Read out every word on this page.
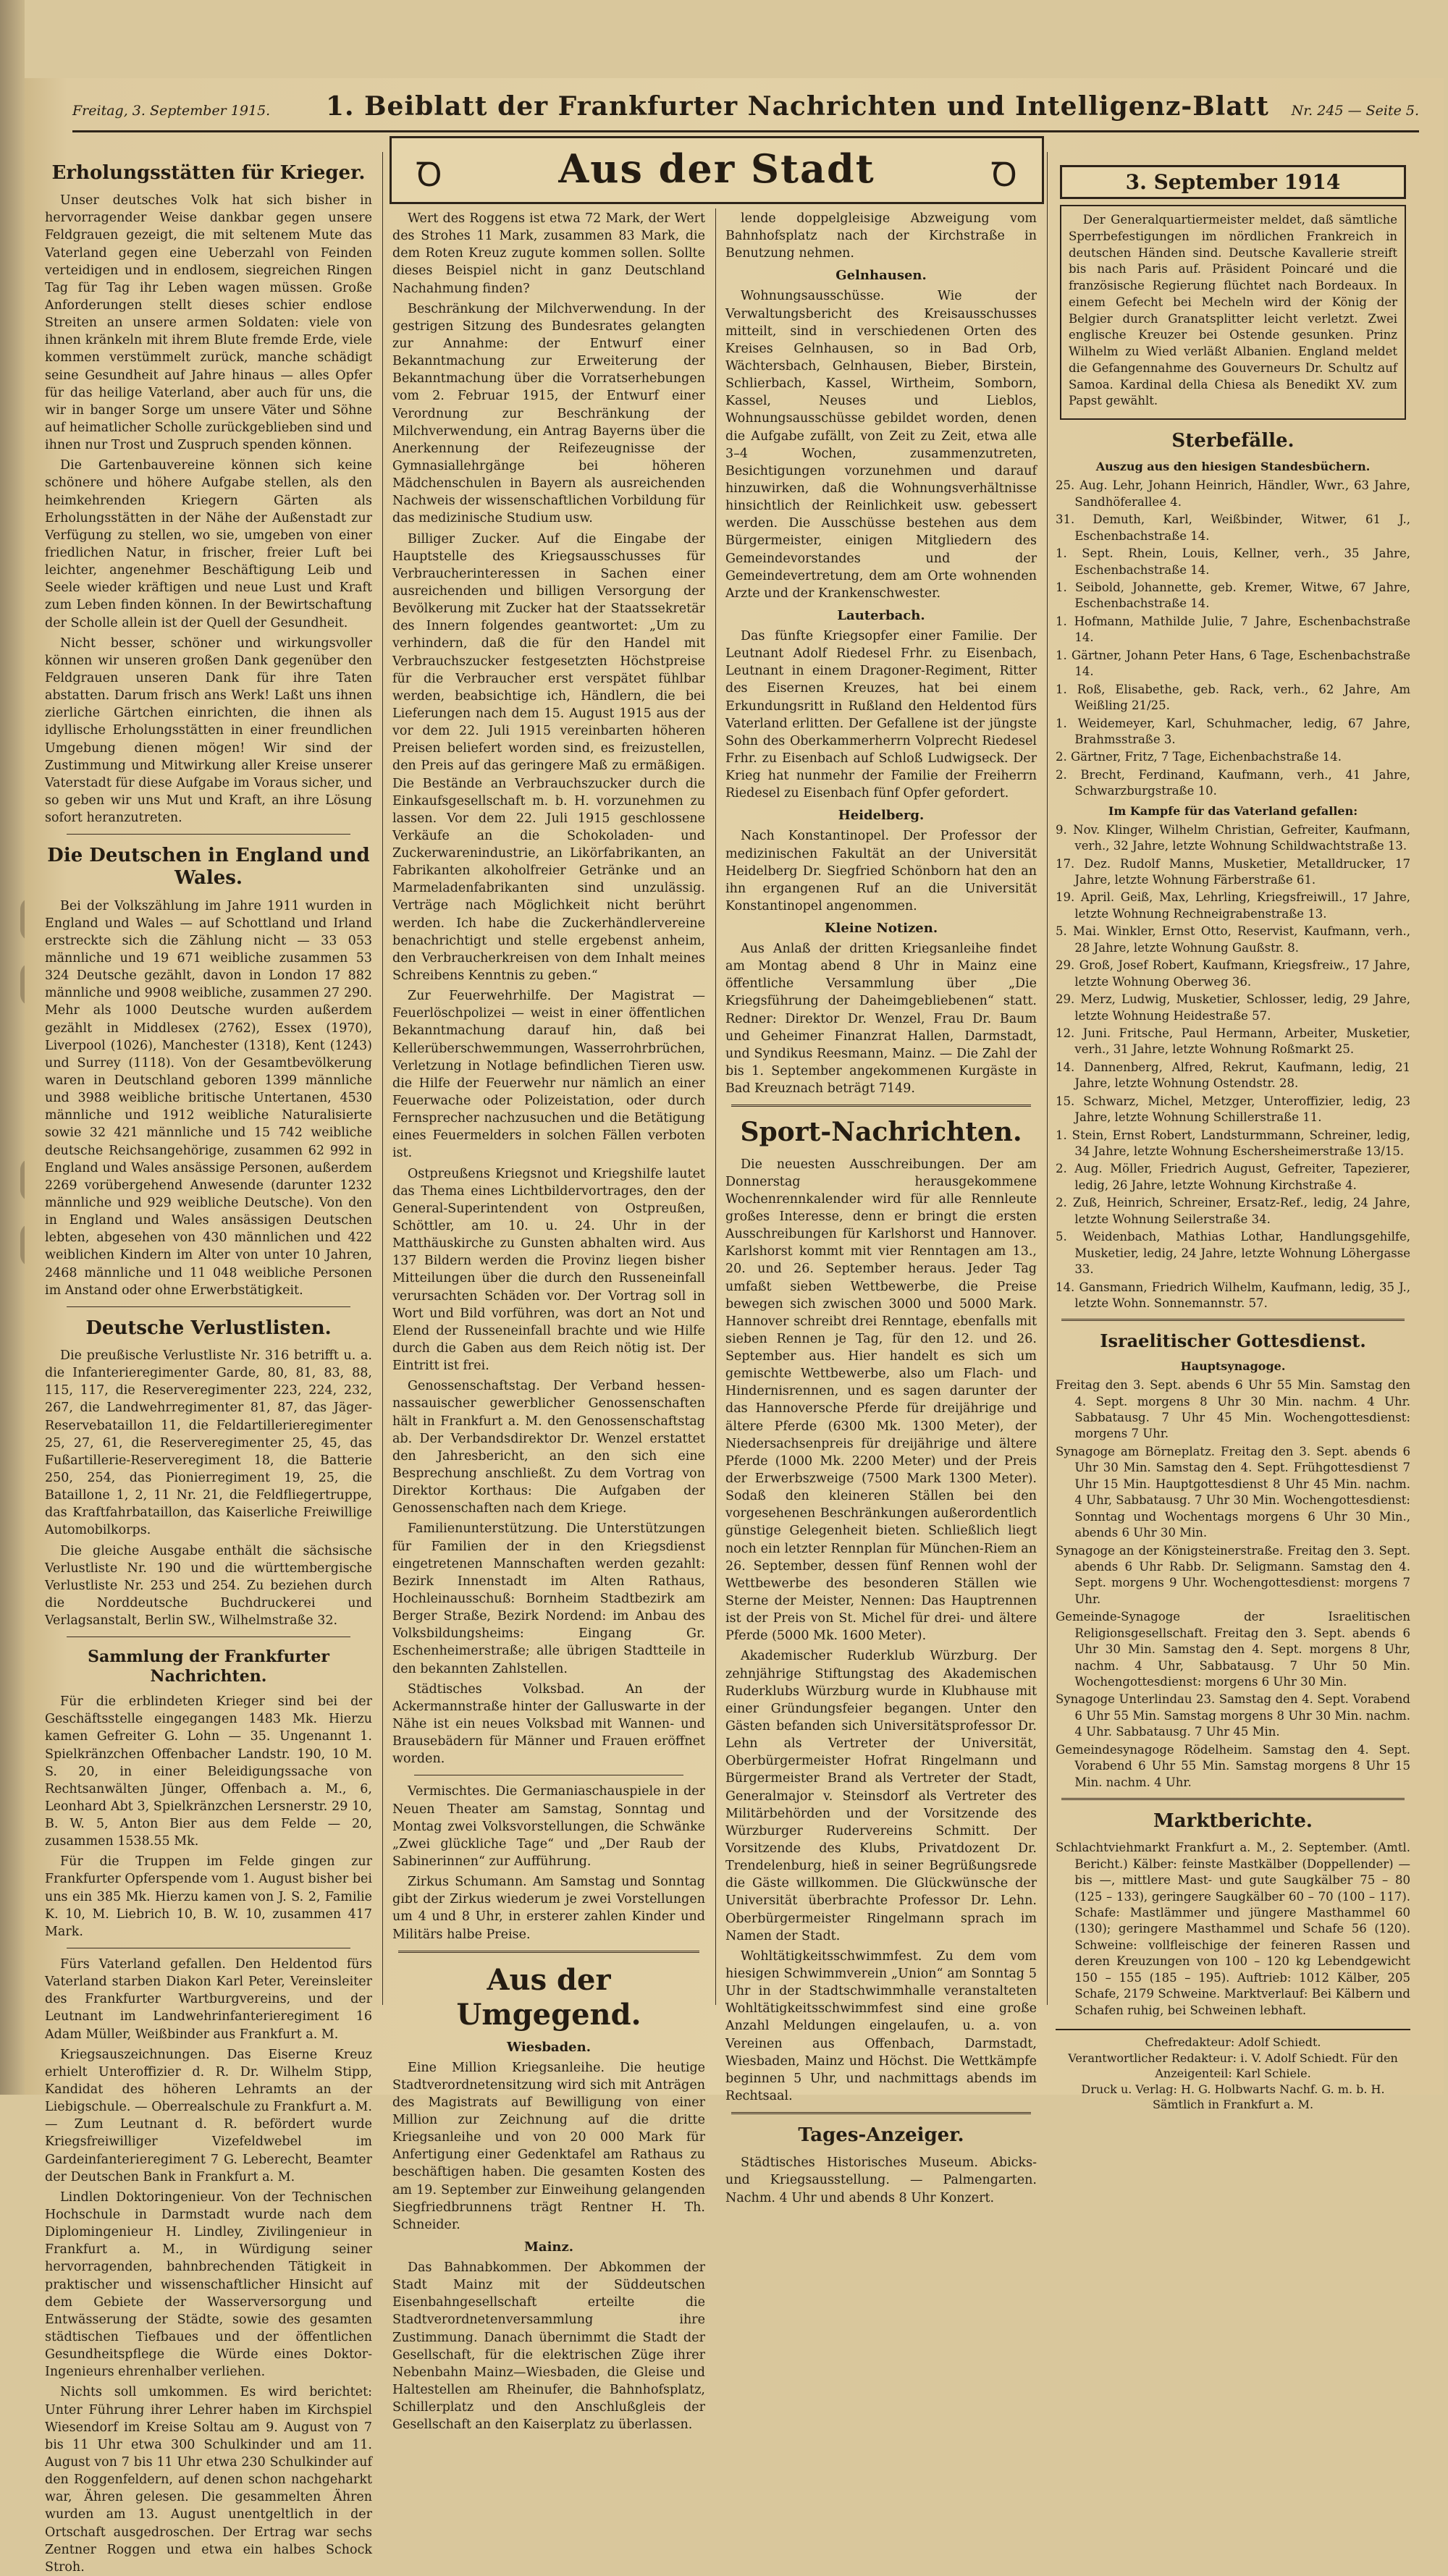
Freitag, 3. September 1915. 1. Beiblatt der Frankfurter Nachrichten und Intelligenz-Blatt Nr. 245 — Seite 5.
Ꝺ	Aus der Stadt	Ꝺ
Erholungsstätten für Krieger.

Unser deutsches Volk hat sich bisher in hervorragender Weise dankbar gegen unsere Feldgrauen gezeigt, die mit seltenem Mute das Vaterland gegen eine Ueberzahl von Feinden verteidigen und in endlosem, siegreichen Ringen Tag für Tag ihr Leben wagen müssen. Große Anforderungen stellt dieses schier endlose Streiten an unsere armen Soldaten: viele von ihnen kränkeln mit ihrem Blute fremde Erde, viele kommen verstümmelt zurück, manche schädigt seine Gesundheit auf Jahre hinaus — alles Opfer für das heilige Vaterland, aber auch für uns, die wir in banger Sorge um unsere Väter und Söhne auf heimatlicher Scholle zurückgeblieben sind und ihnen nur Trost und Zuspruch spenden können.

Die Gartenbauvereine können sich keine schönere und höhere Aufgabe stellen, als den heimkehrenden Kriegern Gärten als Erholungsstätten in der Nähe der Außenstadt zur Verfügung zu stellen, wo sie, umgeben von einer friedlichen Natur, in frischer, freier Luft bei leichter, angenehmer Beschäftigung Leib und Seele wieder kräftigen und neue Lust und Kraft zum Leben finden können. In der Bewirtschaftung der Scholle allein ist der Quell der Gesundheit.

Nicht besser, schöner und wirkungsvoller können wir unseren großen Dank gegenüber den Feldgrauen unseren Dank für ihre Taten abstatten. Darum frisch ans Werk! Laßt uns ihnen zierliche Gärtchen einrichten, die ihnen als idyllische Erholungsstätten in einer freundlichen Umgebung dienen mögen! Wir sind der Zustimmung und Mitwirkung aller Kreise unserer Vaterstadt für diese Aufgabe im Voraus sicher, und so geben wir uns Mut und Kraft, an ihre Lösung sofort heranzutreten.

Die Deutschen in England und Wales.

Bei der Volkszählung im Jahre 1911 wurden in England und Wales — auf Schottland und Irland erstreckte sich die Zählung nicht — 33 053 männliche und 19 671 weibliche zusammen 53 324 Deutsche gezählt, davon in London 17 882 männliche und 9908 weibliche, zusammen 27 290. Mehr als 1000 Deutsche wurden außerdem gezählt in Middlesex (2762), Essex (1970), Liverpool (1026), Manchester (1318), Kent (1243) und Surrey (1118). Von der Gesamtbevölkerung waren in Deutschland geboren 1399 männliche und 3988 weibliche britische Untertanen, 4530 männliche und 1912 weibliche Naturalisierte sowie 32 421 männliche und 15 742 weibliche deutsche Reichsangehörige, zusammen 62 992 in England und Wales ansässige Personen, außerdem 2269 vorübergehend Anwesende (darunter 1232 männliche und 929 weibliche Deutsche). Von den in England und Wales ansässigen Deutschen lebten, abgesehen von 430 männlichen und 422 weiblichen Kindern im Alter von unter 10 Jahren, 2468 männliche und 11 048 weibliche Personen im Anstand oder ohne Erwerbstätigkeit.

Deutsche Verlustlisten.

Die preußische Verlustliste Nr. 316 betrifft u. a. die Infanterieregimenter Garde, 80, 81, 83, 88, 115, 117, die Reserveregimenter 223, 224, 232, 267, die Landwehrregimenter 81, 87, das Jäger-Reservebataillon 11, die Feldartillerieregimenter 25, 27, 61, die Reserveregimenter 25, 45, das Fußartillerie-Reserveregiment 18, die Batterie 250, 254, das Pionierregiment 19, 25, die Bataillone 1, 2, 11 Nr. 21, die Feldfliegertruppe, das Kraftfahrbataillon, das Kaiserliche Freiwillige Automobilkorps.

Die gleiche Ausgabe enthält die sächsische Verlustliste Nr. 190 und die württembergische Verlustliste Nr. 253 und 254. Zu beziehen durch die Norddeutsche Buchdruckerei und Verlagsanstalt, Berlin SW., Wilhelmstraße 32.

Sammlung der Frankfurter Nachrichten.

Für die erblindeten Krieger sind bei der Geschäftsstelle eingegangen 1483 Mk. Hierzu kamen Gefreiter G. Lohn — 35. Ungenannt 1. Spielkränzchen Offenbacher Landstr. 190, 10 M. S. 20, in einer Beleidigungssache von Rechtsanwälten Jünger, Offenbach a. M., 6, Leonhard Abt 3, Spielkränzchen Lersnerstr. 29 10, B. W. 5, Anton Bier aus dem Felde — 20, zusammen 1538.55 Mk.

Für die Truppen im Felde gingen zur Frankfurter Opferspende vom 1. August bisher bei uns ein 385 Mk. Hierzu kamen von J. S. 2, Familie K. 10, M. Liebrich 10, B. W. 10, zusammen 417 Mark.

Fürs Vaterland gefallen. Den Heldentod fürs Vaterland starben Diakon Karl Peter, Vereinsleiter des Frankfurter Wartburgvereins, und der Leutnant im Landwehrinfanterieregiment 16 Adam Müller, Weißbinder aus Frankfurt a. M.

Kriegsauszeichnungen. Das Eiserne Kreuz erhielt Unteroffizier d. R. Dr. Wilhelm Stipp, Kandidat des höheren Lehramts an der Liebigschule. — Oberrealschule zu Frankfurt a. M. — Zum Leutnant d. R. befördert wurde Kriegsfreiwilliger Vizefeldwebel im Gardeinfanterieregiment 7 G. Leberecht, Beamter der Deutschen Bank in Frankfurt a. M.

Lindlen Doktoringenieur. Von der Technischen Hochschule in Darmstadt wurde nach dem Diplomingenieur H. Lindley, Zivilingenieur in Frankfurt a. M., in Würdigung seiner hervorragenden, bahnbrechenden Tätigkeit in praktischer und wissenschaftlicher Hinsicht auf dem Gebiete der Wasserversorgung und Entwässerung der Städte, sowie des gesamten städtischen Tiefbaues und der öffentlichen Gesundheitspflege die Würde eines Doktor-Ingenieurs ehrenhalber verliehen.

Nichts soll umkommen. Es wird berichtet: Unter Führung ihrer Lehrer haben im Kirchspiel Wiesendorf im Kreise Soltau am 9. August von 7 bis 11 Uhr etwa 300 Schulkinder und am 11. August von 7 bis 11 Uhr etwa 230 Schulkinder auf den Roggenfeldern, auf denen schon nachgeharkt war, Ähren gelesen. Die gesammelten Ähren wurden am 13. August unentgeltlich in der Ortschaft ausgedroschen. Der Ertrag war sechs Zentner Roggen und etwa ein halbes Schock Stroh.

Wert des Roggens ist etwa 72 Mark, der Wert des Strohes 11 Mark, zusammen 83 Mark, die dem Roten Kreuz zugute kommen sollen. Sollte dieses Beispiel nicht in ganz Deutschland Nachahmung finden?

Beschränkung der Milchverwendung. In der gestrigen Sitzung des Bundesrates gelangten zur Annahme: der Entwurf einer Bekanntmachung zur Erweiterung der Bekanntmachung über die Vorratserhebungen vom 2. Februar 1915, der Entwurf einer Verordnung zur Beschränkung der Milchverwendung, ein Antrag Bayerns über die Anerkennung der Reifezeugnisse der Gymnasiallehrgänge bei höheren Mädchenschulen in Bayern als ausreichenden Nachweis der wissenschaftlichen Vorbildung für das medizinische Studium usw.

Billiger Zucker. Auf die Eingabe der Hauptstelle des Kriegsausschusses für Verbraucherinteressen in Sachen einer ausreichenden und billigen Versorgung der Bevölkerung mit Zucker hat der Staatssekretär des Innern folgendes geantwortet: „Um zu verhindern, daß die für den Handel mit Verbrauchszucker festgesetzten Höchstpreise für die Verbraucher erst verspätet fühlbar werden, beabsichtige ich, Händlern, die bei Lieferungen nach dem 15. August 1915 aus der vor dem 22. Juli 1915 vereinbarten höheren Preisen beliefert worden sind, es freizustellen, den Preis auf das geringere Maß zu ermäßigen. Die Bestände an Verbrauchszucker durch die Einkaufsgesellschaft m. b. H. vorzunehmen zu lassen. Vor dem 22. Juli 1915 geschlossene Verkäufe an die Schokoladen- und Zuckerwarenindustrie, an Likörfabrikanten, an Fabrikanten alkoholfreier Getränke und an Marmeladenfabrikanten sind unzulässig. Verträge nach Möglichkeit nicht berührt werden. Ich habe die Zuckerhändlervereine benachrichtigt und stelle ergebenst anheim, den Verbraucherkreisen von dem Inhalt meines Schreibens Kenntnis zu geben.“

Zur Feuerwehrhilfe. Der Magistrat — Feuerlöschpolizei — weist in einer öffentlichen Bekanntmachung darauf hin, daß bei Kellerüberschwemmungen, Wasserrohrbrüchen, Verletzung in Notlage befindlichen Tieren usw. die Hilfe der Feuerwehr nur nämlich an einer Feuerwache oder Polizeistation, oder durch Fernsprecher nachzusuchen und die Betätigung eines Feuermelders in solchen Fällen verboten ist.

Ostpreußens Kriegsnot und Kriegshilfe lautet das Thema eines Lichtbildervortrages, den der General-Superintendent von Ostpreußen, Schöttler, am 10. u. 24. Uhr in der Matthäuskirche zu Gunsten abhalten wird. Aus 137 Bildern werden die Provinz liegen bisher Mitteilungen über die durch den Russeneinfall verursachten Schäden vor. Der Vortrag soll in Wort und Bild vorführen, was dort an Not und Elend der Russeneinfall brachte und wie Hilfe durch die Gaben aus dem Reich nötig ist. Der Eintritt ist frei.

Genossenschaftstag. Der Verband hessen-nassauischer gewerblicher Genossenschaften hält in Frankfurt a. M. den Genossenschaftstag ab. Der Verbandsdirektor Dr. Wenzel erstattet den Jahresbericht, an den sich eine Besprechung anschließt. Zu dem Vortrag von Direktor Korthaus: Die Aufgaben der Genossenschaften nach dem Kriege.

Familienunterstützung. Die Unterstützungen für Familien der in den Kriegsdienst eingetretenen Mannschaften werden gezahlt: Bezirk Innenstadt im Alten Rathaus, Hochleinausschuß: Bornheim Stadtbezirk am Berger Straße, Bezirk Nordend: im Anbau des Volksbildungsheims: Eingang Gr. Eschenheimerstraße; alle übrigen Stadtteile in den bekannten Zahlstellen.

Städtisches Volksbad. An der Ackermannstraße hinter der Galluswarte in der Nähe ist ein neues Volksbad mit Wannen- und Brausebädern für Männer und Frauen eröffnet worden.

Vermischtes. Die Germaniaschauspiele in der Neuen Theater am Samstag, Sonntag und Montag zwei Volksvorstellungen, die Schwänke „Zwei glückliche Tage“ und „Der Raub der Sabinerinnen“ zur Aufführung.

Zirkus Schumann. Am Samstag und Sonntag gibt der Zirkus wiederum je zwei Vorstellungen um 4 und 8 Uhr, in ersterer zahlen Kinder und Militärs halbe Preise.

Aus der Umgegend.
Wiesbaden.

Eine Million Kriegsanleihe. Die heutige Stadtverordnetensitzung wird sich mit Anträgen des Magistrats auf Bewilligung von einer Million zur Zeichnung auf die dritte Kriegsanleihe und von 20 000 Mark für Anfertigung einer Gedenktafel am Rathaus zu beschäftigen haben. Die gesamten Kosten des am 19. September zur Einweihung gelangenden Siegfriedbrunnens trägt Rentner H. Th. Schneider.

Mainz.

Das Bahnabkommen. Der Abkommen der Stadt Mainz mit der Süddeutschen Eisenbahngesellschaft erteilte die Stadtverordnetenversammlung ihre Zustimmung. Danach übernimmt die Stadt der Gesellschaft, für die elektrischen Züge ihrer Nebenbahn Mainz—Wiesbaden, die Gleise und Haltestellen am Rheinufer, die Bahnhofsplatz, Schillerplatz und den Anschlußgleis der Gesellschaft an den Kaiserplatz zu überlassen.

lende doppelgleisige Abzweigung vom Bahnhofsplatz nach der Kirchstraße in Benutzung nehmen.

Gelnhausen.

Wohnungsausschüsse. Wie der Verwaltungsbericht des Kreisausschusses mitteilt, sind in verschiedenen Orten des Kreises Gelnhausen, so in Bad Orb, Wächtersbach, Gelnhausen, Bieber, Birstein, Schlierbach, Kassel, Wirtheim, Somborn, Kassel, Neuses und Lieblos, Wohnungsausschüsse gebildet worden, denen die Aufgabe zufällt, von Zeit zu Zeit, etwa alle 3–4 Wochen, zusammenzutreten, Besichtigungen vorzunehmen und darauf hinzuwirken, daß die Wohnungsverhältnisse hinsichtlich der Reinlichkeit usw. gebessert werden. Die Ausschüsse bestehen aus dem Bürgermeister, einigen Mitgliedern des Gemeindevorstandes und der Gemeindevertretung, dem am Orte wohnenden Arzte und der Krankenschwester.

Lauterbach.

Das fünfte Kriegsopfer einer Familie. Der Leutnant Adolf Riedesel Frhr. zu Eisenbach, Leutnant in einem Dragoner-Regiment, Ritter des Eisernen Kreuzes, hat bei einem Erkundungsritt in Rußland den Heldentod fürs Vaterland erlitten. Der Gefallene ist der jüngste Sohn des Oberkammerherrn Volprecht Riedesel Frhr. zu Eisenbach auf Schloß Ludwigseck. Der Krieg hat nunmehr der Familie der Freiherrn Riedesel zu Eisenbach fünf Opfer gefordert.

Heidelberg.

Nach Konstantinopel. Der Professor der medizinischen Fakultät an der Universität Heidelberg Dr. Siegfried Schönborn hat den an ihn ergangenen Ruf an die Universität Konstantinopel angenommen.

Kleine Notizen.

Aus Anlaß der dritten Kriegsanleihe findet am Montag abend 8 Uhr in Mainz eine öffentliche Versammlung über „Die Kriegsführung der Daheimgebliebenen“ statt. Redner: Direktor Dr. Wenzel, Frau Dr. Baum und Geheimer Finanzrat Hallen, Darmstadt, und Syndikus Reesmann, Mainz. — Die Zahl der bis 1. September angekommenen Kurgäste in Bad Kreuznach beträgt 7149.

Sport-Nachrichten.

Die neuesten Ausschreibungen. Der am Donnerstag herausgekommene Wochenrennkalender wird für alle Rennleute großes Interesse, denn er bringt die ersten Ausschreibungen für Karlshorst und Hannover. Karlshorst kommt mit vier Renntagen am 13., 20. und 26. September heraus. Jeder Tag umfaßt sieben Wettbewerbe, die Preise bewegen sich zwischen 3000 und 5000 Mark. Hannover schreibt drei Renntage, ebenfalls mit sieben Rennen je Tag, für den 12. und 26. September aus. Hier handelt es sich um gemischte Wettbewerbe, also um Flach- und Hindernisrennen, und es sagen darunter der das Hannoversche Pferde für dreijährige und ältere Pferde (6300 Mk. 1300 Meter), der Niedersachsenpreis für dreijährige und ältere Pferde (1000 Mk. 2200 Meter) und der Preis der Erwerbszweige (7500 Mark 1300 Meter). Sodaß den kleineren Ställen bei den vorgesehenen Beschränkungen außerordentlich günstige Gelegenheit bieten. Schließlich liegt noch ein letzter Rennplan für München-Riem an 26. September, dessen fünf Rennen wohl der Wettbewerbe des besonderen Ställen wie Sterne der Meister, Nennen: Das Hauptrennen ist der Preis von St. Michel für drei- und ältere Pferde (5000 Mk. 1600 Meter).

Akademischer Ruderklub Würzburg. Der zehnjährige Stiftungstag des Akademischen Ruderklubs Würzburg wurde in Klubhause mit einer Gründungsfeier begangen. Unter den Gästen befanden sich Universitätsprofessor Dr. Lehn als Vertreter der Universität, Oberbürgermeister Hofrat Ringelmann und Bürgermeister Brand als Vertreter der Stadt, Generalmajor v. Steinsdorf als Vertreter des Militärbehörden und der Vorsitzende des Würzburger Rudervereins Schmitt. Der Vorsitzende des Klubs, Privatdozent Dr. Trendelenburg, hieß in seiner Begrüßungsrede die Gäste willkommen. Die Glückwünsche der Universität überbrachte Professor Dr. Lehn. Oberbürgermeister Ringelmann sprach im Namen der Stadt.

Wohltätigkeitsschwimmfest. Zu dem vom hiesigen Schwimmverein „Union“ am Sonntag 5 Uhr in der Stadtschwimmhalle veranstalteten Wohltätigkeitsschwimmfest sind eine große Anzahl Meldungen eingelaufen, u. a. von Vereinen aus Offenbach, Darmstadt, Wiesbaden, Mainz und Höchst. Die Wettkämpfe beginnen 5 Uhr, und nachmittags abends im Rechtsaal.

Tages-Anzeiger.

Städtisches Historisches Museum. Abicks- und Kriegsausstellung. — Palmengarten. Nachm. 4 Uhr und abends 8 Uhr Konzert.

3. September 1914

Der Generalquartiermeister meldet, daß sämtliche Sperrbefestigungen im nördlichen Frankreich in deutschen Händen sind. Deutsche Kavallerie streift bis nach Paris auf. Präsident Poincaré und die französische Regierung flüchtet nach Bordeaux. In einem Gefecht bei Mecheln wird der König der Belgier durch Granatsplitter leicht verletzt. Zwei englische Kreuzer bei Ostende gesunken. Prinz Wilhelm zu Wied verläßt Albanien. England meldet die Gefangennahme des Gouverneurs Dr. Schultz auf Samoa. Kardinal della Chiesa als Benedikt XV. zum Papst gewählt.

Sterbefälle.
Auszug aus den hiesigen Standesbüchern.

25. Aug. Lehr, Johann Heinrich, Händler, Wwr., 63 Jahre, Sandhöferallee 4.

31. Demuth, Karl, Weißbinder, Witwer, 61 J., Eschenbachstraße 14.

1. Sept. Rhein, Louis, Kellner, verh., 35 Jahre, Eschenbachstraße 14.

1. Seibold, Johannette, geb. Kremer, Witwe, 67 Jahre, Eschenbachstraße 14.

1. Hofmann, Mathilde Julie, 7 Jahre, Eschenbachstraße 14.

1. Gärtner, Johann Peter Hans, 6 Tage, Eschenbachstraße 14.

1. Roß, Elisabethe, geb. Rack, verh., 62 Jahre, Am Weißling 21/25.

1. Weidemeyer, Karl, Schuhmacher, ledig, 67 Jahre, Brahmsstraße 3.

2. Gärtner, Fritz, 7 Tage, Eichenbachstraße 14.

2. Brecht, Ferdinand, Kaufmann, verh., 41 Jahre, Schwarzburgstraße 10.

Im Kampfe für das Vaterland gefallen:

9. Nov. Klinger, Wilhelm Christian, Gefreiter, Kaufmann, verh., 32 Jahre, letzte Wohnung Schildwachtstraße 13.

17. Dez. Rudolf Manns, Musketier, Metalldrucker, 17 Jahre, letzte Wohnung Färberstraße 61.

19. April. Geiß, Max, Lehrling, Kriegsfreiwill., 17 Jahre, letzte Wohnung Rechneigrabenstraße 13.

5. Mai. Winkler, Ernst Otto, Reservist, Kaufmann, verh., 28 Jahre, letzte Wohnung Gaußstr. 8.

29. Groß, Josef Robert, Kaufmann, Kriegsfreiw., 17 Jahre, letzte Wohnung Oberweg 36.

29. Merz, Ludwig, Musketier, Schlosser, ledig, 29 Jahre, letzte Wohnung Heidestraße 57.

12. Juni. Fritsche, Paul Hermann, Arbeiter, Musketier, verh., 31 Jahre, letzte Wohnung Roßmarkt 25.

14. Dannenberg, Alfred, Rekrut, Kaufmann, ledig, 21 Jahre, letzte Wohnung Ostendstr. 28.

15. Schwarz, Michel, Metzger, Unteroffizier, ledig, 23 Jahre, letzte Wohnung Schillerstraße 11.

1. Stein, Ernst Robert, Landsturmmann, Schreiner, ledig, 34 Jahre, letzte Wohnung Eschersheimerstraße 13/15.

2. Aug. Möller, Friedrich August, Gefreiter, Tapezierer, ledig, 26 Jahre, letzte Wohnung Kirchstraße 4.

2. Zuß, Heinrich, Schreiner, Ersatz-Ref., ledig, 24 Jahre, letzte Wohnung Seilerstraße 34.

5. Weidenbach, Mathias Lothar, Handlungsgehilfe, Musketier, ledig, 24 Jahre, letzte Wohnung Löhergasse 33.

14. Gansmann, Friedrich Wilhelm, Kaufmann, ledig, 35 J., letzte Wohn. Sonnemannstr. 57.

Israelitischer Gottesdienst.
Hauptsynagoge.

Freitag den 3. Sept. abends 6 Uhr 55 Min. Samstag den 4. Sept. morgens 8 Uhr 30 Min. nachm. 4 Uhr. Sabbatausg. 7 Uhr 45 Min. Wochengottesdienst: morgens 7 Uhr.

Synagoge am Börneplatz. Freitag den 3. Sept. abends 6 Uhr 30 Min. Samstag den 4. Sept. Frühgottesdienst 7 Uhr 15 Min. Hauptgottesdienst 8 Uhr 45 Min. nachm. 4 Uhr, Sabbatausg. 7 Uhr 30 Min. Wochengottesdienst: Sonntag und Wochentags morgens 6 Uhr 30 Min., abends 6 Uhr 30 Min.

Synagoge an der Königsteinerstraße. Freitag den 3. Sept. abends 6 Uhr Rabb. Dr. Seligmann. Samstag den 4. Sept. morgens 9 Uhr. Wochengottesdienst: morgens 7 Uhr.

Gemeinde-Synagoge der Israelitischen Religionsgesellschaft. Freitag den 3. Sept. abends 6 Uhr 30 Min. Samstag den 4. Sept. morgens 8 Uhr, nachm. 4 Uhr, Sabbatausg. 7 Uhr 50 Min. Wochengottesdienst: morgens 6 Uhr 30 Min.

Synagoge Unterlindau 23. Samstag den 4. Sept. Vorabend 6 Uhr 55 Min. Samstag morgens 8 Uhr 30 Min. nachm. 4 Uhr. Sabbatausg. 7 Uhr 45 Min.

Gemeindesynagoge Rödelheim. Samstag den 4. Sept. Vorabend 6 Uhr 55 Min. Samstag morgens 8 Uhr 15 Min. nachm. 4 Uhr.

Marktberichte.

Schlachtviehmarkt Frankfurt a. M., 2. September. (Amtl. Bericht.) Kälber: feinste Mastkälber (Doppellender) — bis —, mittlere Mast- und gute Saugkälber 75 – 80 (125 – 133), geringere Saugkälber 60 – 70 (100 – 117). Schafe: Mastlämmer und jüngere Masthammel 60 (130); geringere Masthammel und Schafe 56 (120). Schweine: vollfleischige der feineren Rassen und deren Kreuzungen von 100 – 120 kg Lebendgewicht 150 – 155 (185 – 195). Auftrieb: 1012 Kälber, 205 Schafe, 2179 Schweine. Marktverlauf: Bei Kälbern und Schafen ruhig, bei Schweinen lebhaft.

Chefredakteur: Adolf Schiedt.
Verantwortlicher Redakteur: i. V. Adolf Schiedt. Für den Anzeigenteil: Karl Schiele.
Druck u. Verlag: H. G. Holbwarts Nachf. G. m. b. H. Sämtlich in Frankfurt a. M.
